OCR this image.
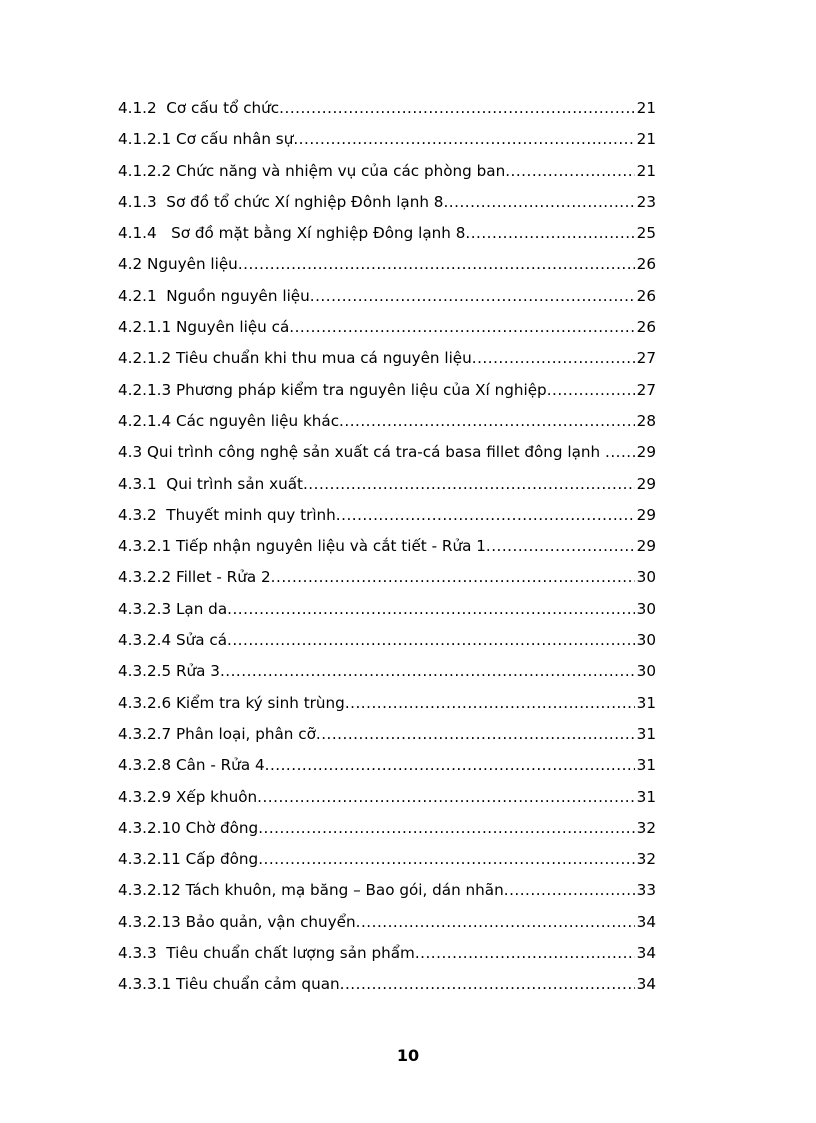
4.1.2  Cơ cấu tổ chức .....	21
4.1.2.1 Cơ cấu nhân sự .....	21
4.1.2.2 Chức năng và nhiệm vụ của các phòng ban .....	21
4.1.3  Sơ đồ tổ chức Xí nghiệp Đônh lạnh 8 .....	23
4.1.4   Sơ đồ mặt bằng Xí nghiệp Đông lạnh 8 .....	25
4.2 Nguyên liệu .....	26
4.2.1  Nguồn nguyên liệu .....	26
4.2.1.1 Nguyên liệu cá .....	26
4.2.1.2 Tiêu chuẩn khi thu mua cá nguyên liệu .....	27
4.2.1.3 Phương pháp kiểm tra nguyên liệu của Xí nghiệp .....	27
4.2.1.4 Các nguyên liệu khác .....	28
4.3 Qui trình công nghệ sản xuất cá tra-cá basa fillet đông lạnh ..... 29
4.3.1  Qui trình sản xuất .....	29
4.3.2  Thuyết minh quy trình .....	29
4.3.2.1 Tiếp nhận nguyên liệu và cắt tiết - Rửa 1 .....	29
4.3.2.2 Fillet - Rửa 2 .....	30
4.3.2.3 Lạn da .....	30
4.3.2.4 Sửa cá .....	30
4.3.2.5 Rửa 3 .....	30
4.3.2.6 Kiểm tra ký sinh trùng .....	31
4.3.2.7 Phân loại, phân cỡ .....	31
4.3.2.8 Cân - Rửa 4 .....	31
4.3.2.9 Xếp khuôn .....	31
4.3.2.10 Chờ đông .....	32
4.3.2.11 Cấp đông .....	32
4.3.2.12 Tách khuôn, mạ băng – Bao gói, dán nhãn .....	33
4.3.2.13 Bảo quản, vận chuyển .....	34
4.3.3  Tiêu chuẩn chất lượng sản phẩm .....	34
4.3.3.1 Tiêu chuẩn cảm quan .....	34
10
